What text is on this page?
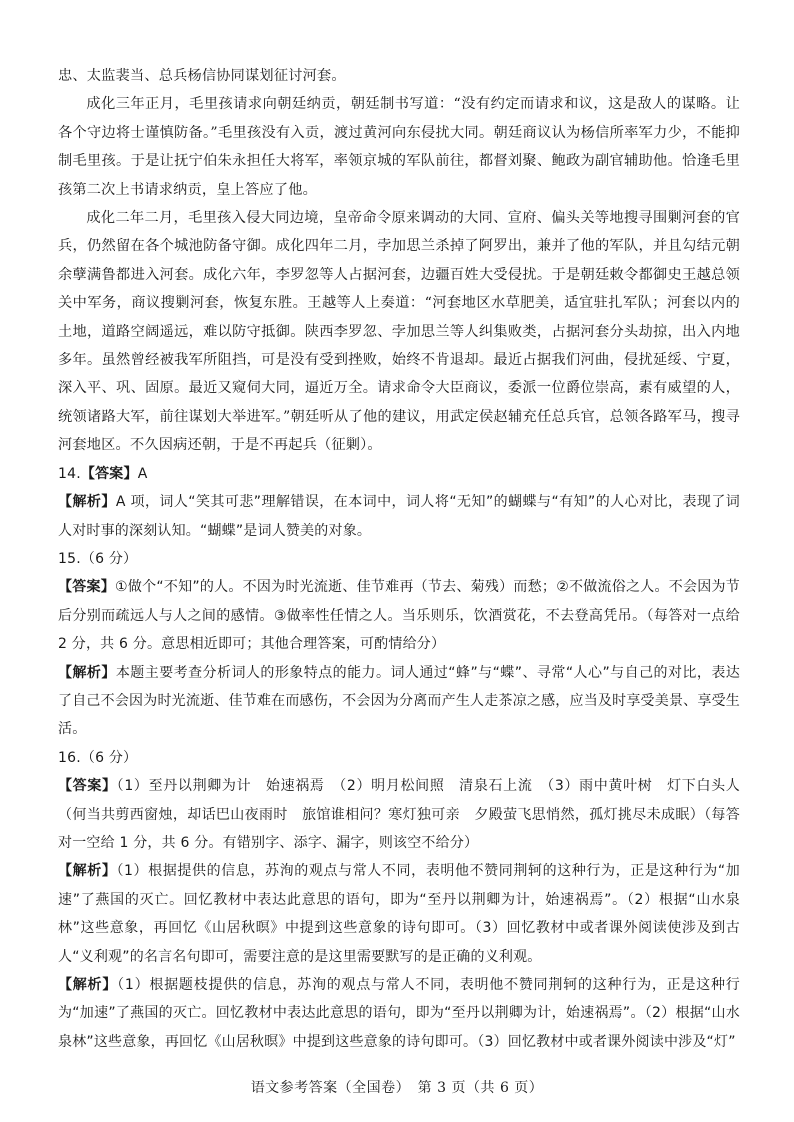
忠、太监裴当、总兵杨信协同谋划征讨河套。

成化三年正月，毛里孩请求向朝廷纳贡，朝廷制书写道：“没有约定而请求和议，这是敌人的谋略。让各个守边将士谨慎防备。”毛里孩没有入贡，渡过黄河向东侵扰大同。朝廷商议认为杨信所率军力少，不能抑制毛里孩。于是让抚宁伯朱永担任大将军，率领京城的军队前往，都督刘聚、鲍政为副官辅助他。恰逢毛里孩第二次上书请求纳贡，皇上答应了他。

成化二年二月，毛里孩入侵大同边境，皇帝命令原来调动的大同、宣府、偏头关等地搜寻围剿河套的官兵，仍然留在各个城池防备守御。成化四年二月，孛加思兰杀掉了阿罗出，兼并了他的军队，并且勾结元朝余孽满鲁都进入河套。成化六年，李罗忽等人占据河套，边疆百姓大受侵扰。于是朝廷敕令都御史王越总领关中军务，商议搜剿河套，恢复东胜。王越等人上奏道：“河套地区水草肥美，适宜驻扎军队；河套以内的土地，道路空阔遥远，难以防守抵御。陕西李罗忽、孛加思兰等人纠集败类，占据河套分头劫掠，出入内地多年。虽然曾经被我军所阻挡，可是没有受到挫败，始终不肯退却。最近占据我们河曲，侵扰延绥、宁夏，深入平、巩、固原。最近又窥伺大同，逼近万全。请求命令大臣商议，委派一位爵位崇高，素有威望的人，统领诸路大军，前往谋划大举进军。”朝廷听从了他的建议，用武定侯赵辅充任总兵官，总领各路军马，搜寻河套地区。不久因病还朝，于是不再起兵（征剿）。

14.【答案】A

【解析】A 项，词人“笑其可悲”理解错误，在本词中，词人将“无知”的蝴蝶与“有知”的人心对比，表现了词人对时事的深刻认知。“蝴蝶”是词人赞美的对象。

15.（6 分）

【答案】①做个“不知”的人。不因为时光流逝、佳节难再（节去、菊残）而愁；②不做流俗之人。不会因为节后分别而疏远人与人之间的感情。③做率性任情之人。当乐则乐，饮酒赏花，不去登高凭吊。（每答对一点给 2 分，共 6 分。意思相近即可；其他合理答案，可酌情给分）

【解析】本题主要考查分析词人的形象特点的能力。词人通过“蜂”与“蝶”、寻常“人心”与自己的对比，表达了自己不会因为时光流逝、佳节难在而感伤，不会因为分离而产生人走茶凉之感，应当及时享受美景、享受生活。

16.（6 分）

【答案】（1）至丹以荆卿为计　始速祸焉　（2）明月松间照　清泉石上流　（3）雨中黄叶树　灯下白头人（何当共剪西窗烛，却话巴山夜雨时　旅馆谁相问？寒灯独可亲　夕殿萤飞思悄然，孤灯挑尽未成眠）（每答对一空给 1 分，共 6 分。有错别字、添字、漏字，则该空不给分）

【解析】（1）根据提供的信息，苏洵的观点与常人不同，表明他不赞同荆轲的这种行为，正是这种行为“加速”了燕国的灭亡。回忆教材中表达此意思的语句，即为“至丹以荆卿为计，始速祸焉”。（2）根据“山水泉林”这些意象，再回忆《山居秋暝》中提到这些意象的诗句即可。（3）回忆教材中或者课外阅读使涉及到古人“义利观”的名言名句即可，需要注意的是这里需要默写的是正确的义利观。

【解析】（1）根据题枝提供的信息，苏洵的观点与常人不同，表明他不赞同荆轲的这种行为，正是这种行为“加速”了燕国的灭亡。回忆教材中表达此意思的语句，即为“至丹以荆卿为计，始速祸焉”。（2）根据“山水泉林”这些意象，再回忆《山居秋暝》中提到这些意象的诗句即可。（3）回忆教材中或者课外阅读中涉及“灯”

语文参考答案（全国卷）　第 3 页（共 6 页）
